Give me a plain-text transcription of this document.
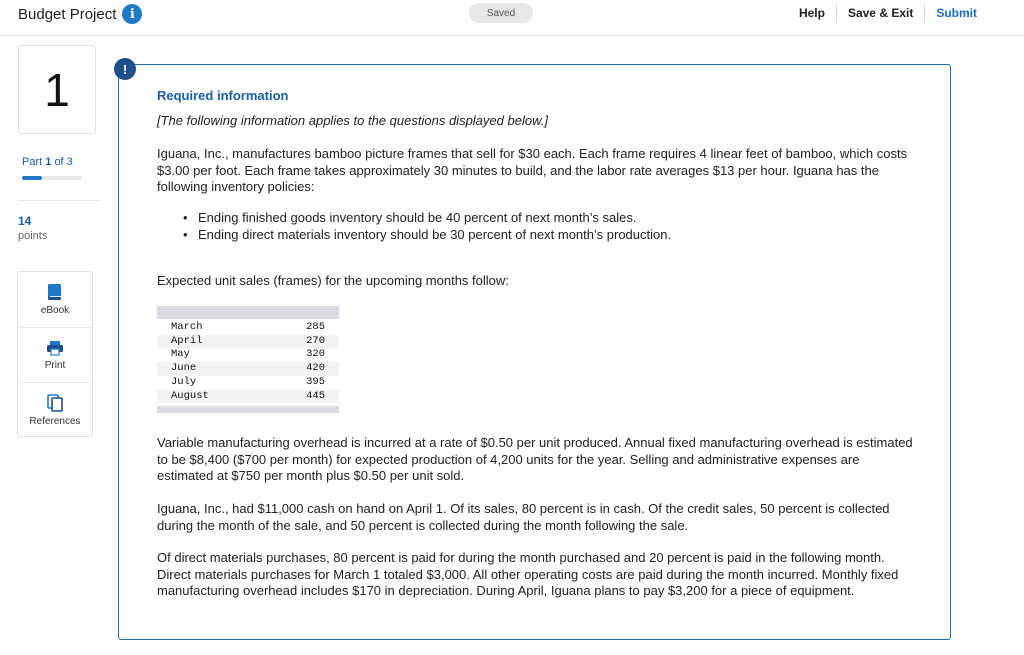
Budget Project	i	Saved	Help	Save & Exit	Submit
1
Part 1 of 3
14
points
eBook
Print
References
!
Required information
[The following information applies to the questions displayed below.]
Iguana, Inc., manufactures bamboo picture frames that sell for $30 each. Each frame requires 4 linear feet of bamboo, which costs $3.00 per foot. Each frame takes approximately 30 minutes to build, and the labor rate averages $13 per hour. Iguana has the following inventory policies:
• Ending finished goods inventory should be 40 percent of next month’s sales.
• Ending direct materials inventory should be 30 percent of next month’s production.
Expected unit sales (frames) for the upcoming months follow:
March	285
April	270
May	320
June	420
July	395
August	445
Variable manufacturing overhead is incurred at a rate of $0.50 per unit produced. Annual fixed manufacturing overhead is estimated to be $8,400 ($700 per month) for expected production of 4,200 units for the year. Selling and administrative expenses are estimated at $750 per month plus $0.50 per unit sold.
Iguana, Inc., had $11,000 cash on hand on April 1. Of its sales, 80 percent is in cash. Of the credit sales, 50 percent is collected during the month of the sale, and 50 percent is collected during the month following the sale.
Of direct materials purchases, 80 percent is paid for during the month purchased and 20 percent is paid in the following month. Direct materials purchases for March 1 totaled $3,000. All other operating costs are paid during the month incurred. Monthly fixed manufacturing overhead includes $170 in depreciation. During April, Iguana plans to pay $3,200 for a piece of equipment.
